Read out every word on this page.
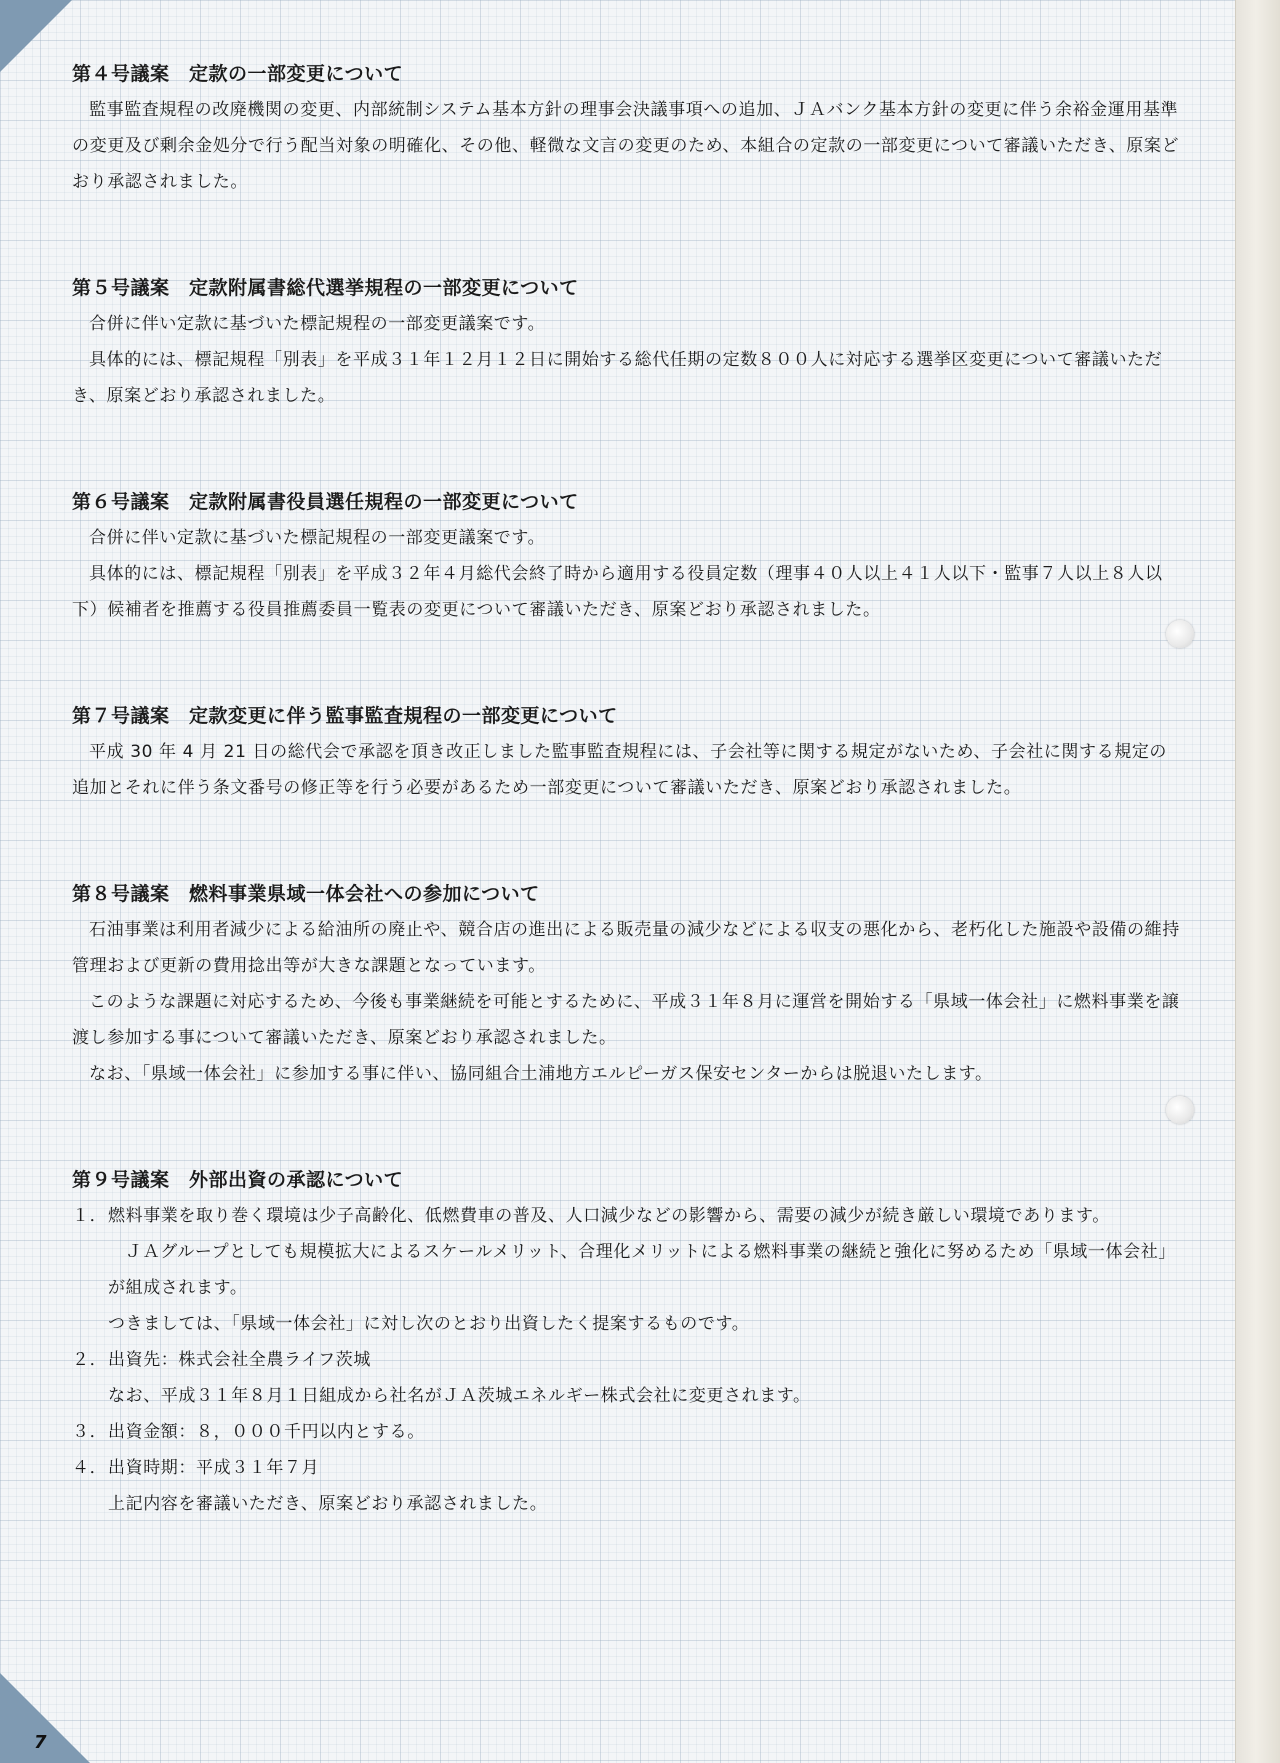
第４号議案　定款の一部変更について

監事監査規程の改廃機関の変更、内部統制システム基本方針の理事会決議事項への追加、ＪＡバンク基本方針の変更に伴う余裕金運用基準の変更及び剰余金処分で行う配当対象の明確化、その他、軽微な文言の変更のため、本組合の定款の一部変更について審議いただき、原案どおり承認されました。

第５号議案　定款附属書総代選挙規程の一部変更について

合併に伴い定款に基づいた標記規程の一部変更議案です。

具体的には、標記規程「別表」を平成３１年１２月１２日に開始する総代任期の定数８００人に対応する選挙区変更について審議いただき、原案どおり承認されました。

第６号議案　定款附属書役員選任規程の一部変更について

合併に伴い定款に基づいた標記規程の一部変更議案です。

具体的には、標記規程「別表」を平成３２年４月総代会終了時から適用する役員定数（理事４０人以上４１人以下・監事７人以上８人以下）候補者を推薦する役員推薦委員一覧表の変更について審議いただき、原案どおり承認されました。

第７号議案　定款変更に伴う監事監査規程の一部変更について

平成 30 年 4 月 21 日の総代会で承認を頂き改正しました監事監査規程には、子会社等に関する規定がないため、子会社に関する規定の追加とそれに伴う条文番号の修正等を行う必要があるため一部変更について審議いただき、原案どおり承認されました。

第８号議案　燃料事業県域一体会社への参加について

石油事業は利用者減少による給油所の廃止や、競合店の進出による販売量の減少などによる収支の悪化から、老朽化した施設や設備の維持管理および更新の費用捻出等が大きな課題となっています。

このような課題に対応するため、今後も事業継続を可能とするために、平成３１年８月に運営を開始する「県域一体会社」に燃料事業を譲渡し参加する事について審議いただき、原案どおり承認されました。

なお、「県域一体会社」に参加する事に伴い、協同組合土浦地方エルピーガス保安センターからは脱退いたします。

第９号議案　外部出資の承認について
１． 燃料事業を取り巻く環境は少子高齢化、低燃費車の普及、人口減少などの影響から、需要の減少が続き厳しい環境であります。

ＪＡグループとしても規模拡大によるスケールメリット、合理化メリットによる燃料事業の継続と強化に努めるため「県域一体会社」が組成されます。

つきましては、「県域一体会社」に対し次のとおり出資したく提案するものです。

２． 出資先：株式会社全農ライフ茨城

なお、平成３１年８月１日組成から社名がＪＡ茨城エネルギー株式会社に変更されます。

３． 出資金額：８，０００千円以内とする。

４． 出資時期：平成３１年７月

上記内容を審議いただき、原案どおり承認されました。

7
